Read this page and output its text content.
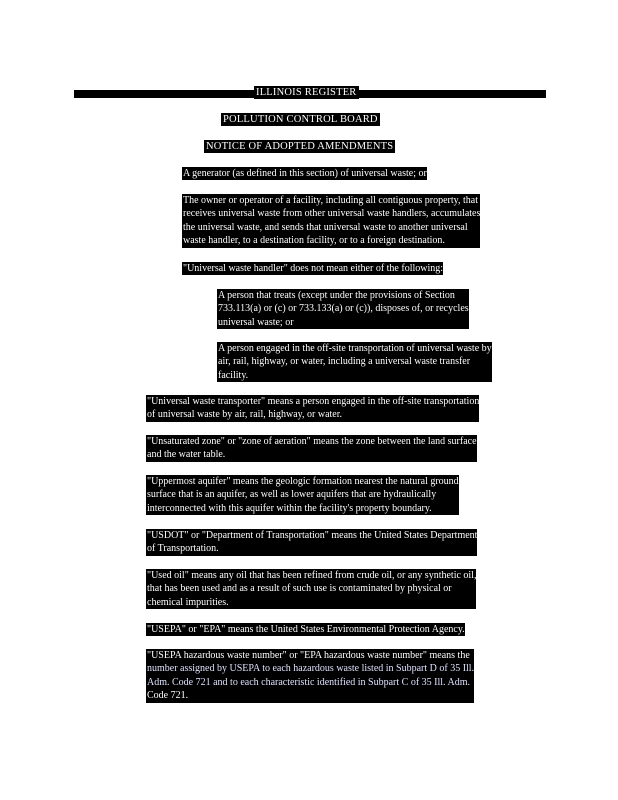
ILLINOIS REGISTER
POLLUTION CONTROL BOARD
NOTICE OF ADOPTED AMENDMENTS
A generator (as defined in this section) of universal waste; or
The owner or operator of a facility, including all contiguous property, that
receives universal waste from other universal waste handlers, accumulates
the universal waste, and sends that universal waste to another universal
waste handler, to a destination facility, or to a foreign destination.
"Universal waste handler" does not mean either of the following:
A person that treats (except under the provisions of Section
733.113(a) or (c) or 733.133(a) or (c)), disposes of, or recycles
universal waste; or
A person engaged in the off-site transportation of universal waste by
air, rail, highway, or water, including a universal waste transfer
facility.
"Universal waste transporter" means a person engaged in the off-site transportation
of universal waste by air, rail, highway, or water.
"Unsaturated zone" or "zone of aeration" means the zone between the land surface
and the water table.
"Uppermost aquifer" means the geologic formation nearest the natural ground
surface that is an aquifer, as well as lower aquifers that are hydraulically
interconnected with this aquifer within the facility's property boundary.
"USDOT" or "Department of Transportation" means the United States Department
of Transportation.
"Used oil" means any oil that has been refined from crude oil, or any synthetic oil,
that has been used and as a result of such use is contaminated by physical or
chemical impurities.
"USEPA" or "EPA" means the United States Environmental Protection Agency.
"USEPA hazardous waste number" or "EPA hazardous waste number" means the
number assigned by USEPA to each hazardous waste listed in Subpart D of 35 Ill.
Adm. Code 721 and to each characteristic identified in Subpart C of 35 Ill. Adm.
Code 721.
